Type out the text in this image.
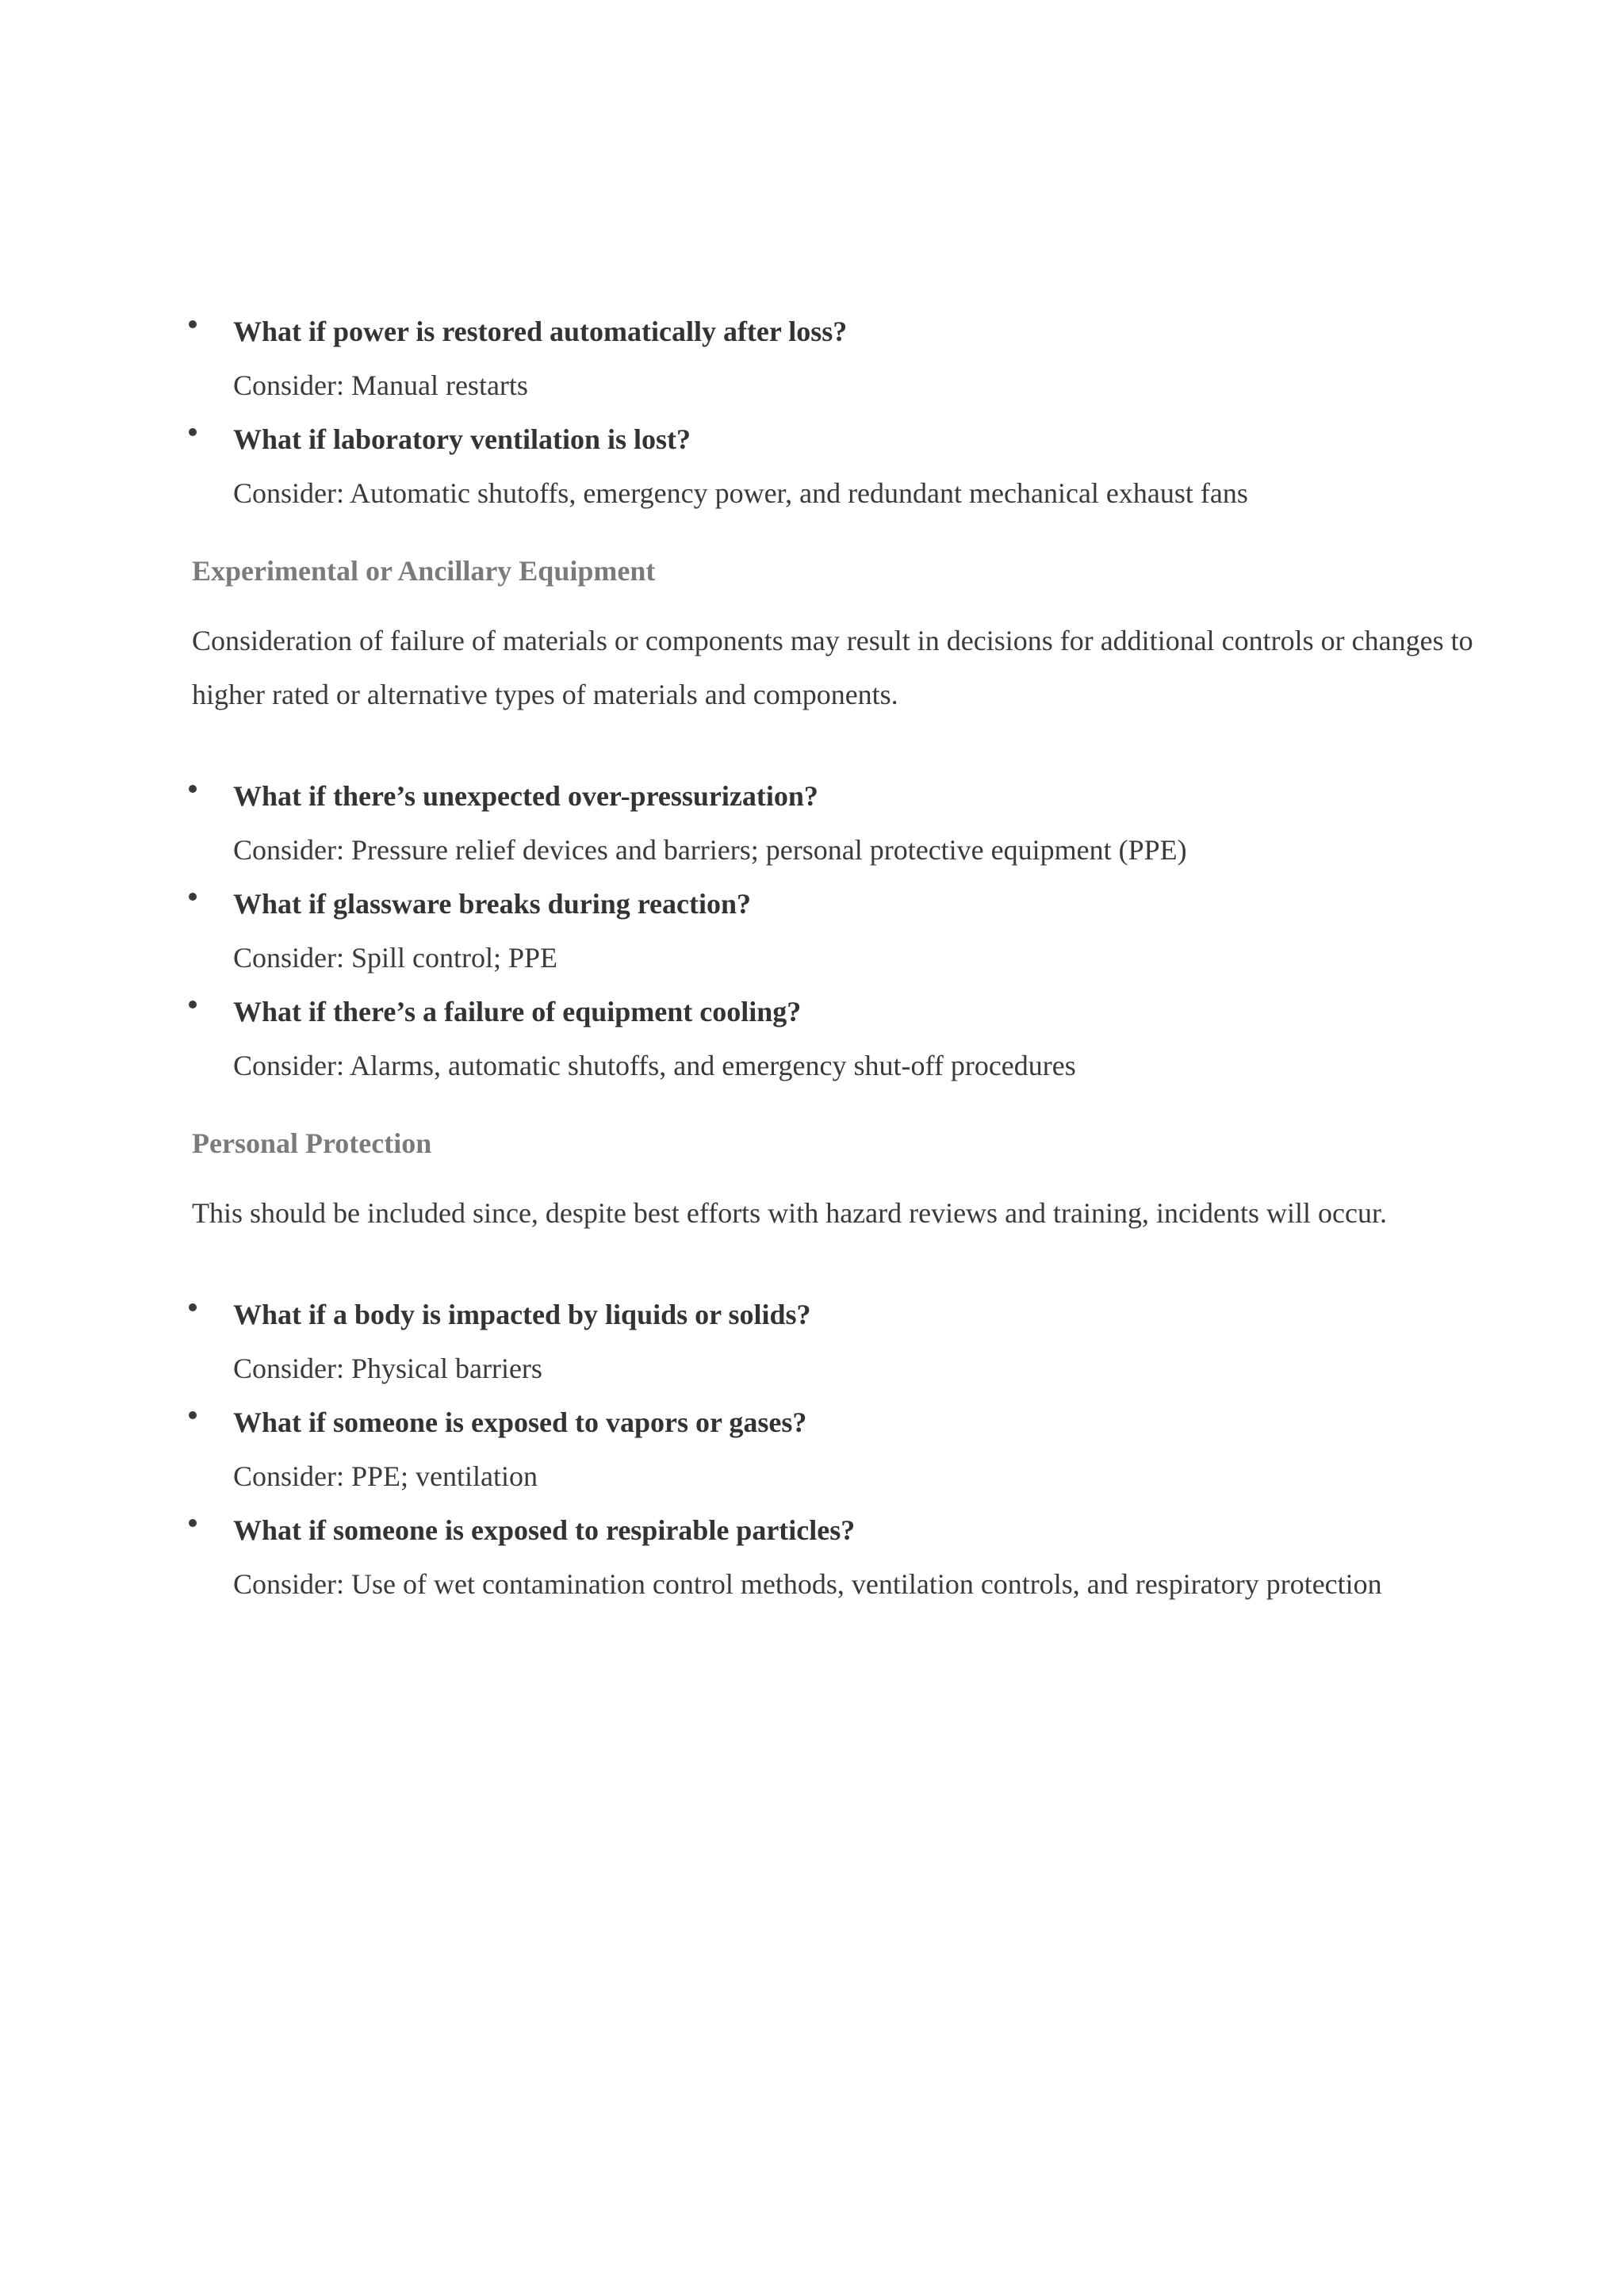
What if power is restored automatically after loss?
Consider: Manual restarts
What if laboratory ventilation is lost?
Consider: Automatic shutoffs, emergency power, and redundant mechanical exhaust fans

Experimental or Ancillary Equipment

Consideration of failure of materials or components may result in decisions for additional controls or changes to higher rated or alternative types of materials and components.

What if there’s unexpected over-pressurization?
Consider: Pressure relief devices and barriers; personal protective equipment (PPE)
What if glassware breaks during reaction?
Consider: Spill control; PPE
What if there’s a failure of equipment cooling?
Consider: Alarms, automatic shutoffs, and emergency shut-off procedures

Personal Protection

This should be included since, despite best efforts with hazard reviews and training, incidents will occur.

What if a body is impacted by liquids or solids?
Consider: Physical barriers
What if someone is exposed to vapors or gases?
Consider: PPE; ventilation
What if someone is exposed to respirable particles?
Consider: Use of wet contamination control methods, ventilation controls, and respiratory protection
